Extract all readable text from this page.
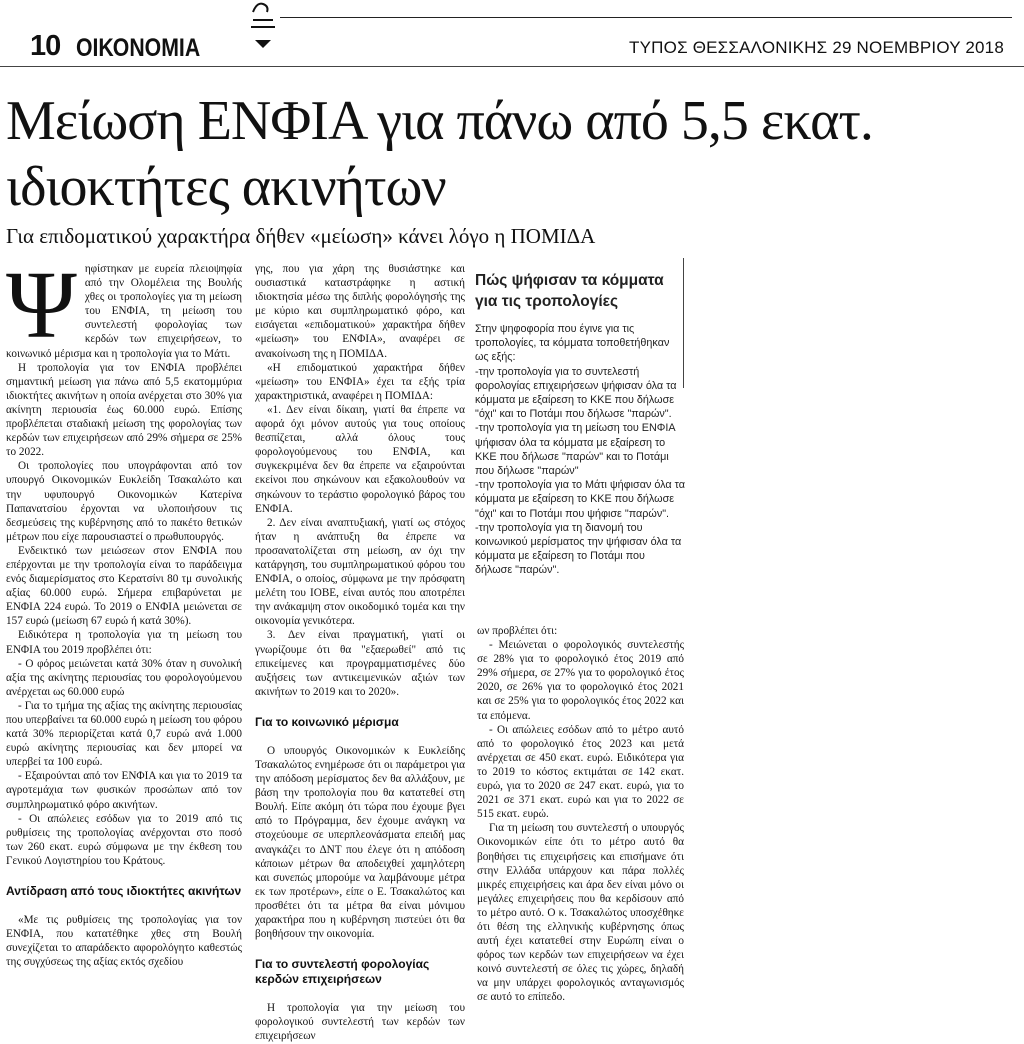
10 ΟΙΚΟΝΟΜΙΑ	ΤΥΠΟΣ ΘΕΣΣΑΛΟΝΙΚΗΣ 29 ΝΟΕΜΒΡΙΟΥ 2018
Μείωση ΕΝΦΙΑ για πάνω από 5,5 εκατ.
ιδιοκτήτες ακινήτων
Για επιδοματικού χαρακτήρα δήθεν «μείωση» κάνει λόγο η ΠΟΜΙΔΑ

Ψηφίστηκαν με ευρεία πλειοψηφία από την Ολομέλεια της Βουλής χθες οι τροπολογίες για τη μείωση του ΕΝΦΙΑ, τη μείωση του συντελεστή φορολογίας των κερδών των επιχειρήσεων, το κοινωνικό μέρισμα και η τροπολογία για το Μάτι.

Η τροπολογία για τον ΕΝΦΙΑ προβλέπει σημαντική μείωση για πάνω από 5,5 εκατομμύρια ιδιοκτήτες ακινήτων η οποία ανέρχεται στο 30% για ακίνητη περιουσία έως 60.000 ευρώ. Επίσης προβλέπεται σταδιακή μείωση της φορολογίας των κερδών των επιχειρήσεων από 29% σήμερα σε 25% το 2022.

Οι τροπολογίες που υπογράφονται από τον υπουργό Οικονομικών Ευκλείδη Τσακαλώτο και την υφυπουργό Οικονομικών Κατερίνα Παπανατσίου έρχονται να υλοποιήσουν τις δεσμεύσεις της κυβέρνησης από το πακέτο θετικών μέτρων που είχε παρουσιαστεί ο πρωθυπουργός.

Ενδεικτικό των μειώσεων στον ΕΝΦΙΑ που επέρχονται με την τροπολογία είναι το παράδειγμα ενός διαμερίσματος στο Κερατσίνι 80 τμ συνολικής αξίας 60.000 ευρώ. Σήμερα επιβαρύνεται με ΕΝΦΙΑ 224 ευρώ. Το 2019 ο ΕΝΦΙΑ μειώνεται σε 157 ευρώ (μείωση 67 ευρώ ή κατά 30%).

Ειδικότερα η τροπολογία για τη μείωση του ΕΝΦΙΑ του 2019 προβλέπει ότι:

- Ο φόρος μειώνεται κατά 30% όταν η συνολική αξία της ακίνητης περιουσίας του φορολογούμενου ανέρχεται ως 60.000 ευρώ

- Για το τμήμα της αξίας της ακίνητης περιουσίας που υπερβαίνει τα 60.000 ευρώ η μείωση του φόρου κατά 30% περιορίζεται κατά 0,7 ευρώ ανά 1.000 ευρώ ακίνητης περιουσίας και δεν μπορεί να υπερβεί τα 100 ευρώ.

- Εξαιρούνται από τον ΕΝΦΙΑ και για το 2019 τα αγροτεμάχια των φυσικών προσώπων από τον συμπληρωματικό φόρο ακινήτων.

- Οι απώλειες εσόδων για το 2019 από τις ρυθμίσεις της τροπολογίας ανέρχονται στο ποσό των 260 εκατ. ευρώ σύμφωνα με την έκθεση του Γενικού Λογιστηρίου του Κράτους.

Αντίδραση από τους ιδιοκτήτες ακινήτων

«Με τις ρυθμίσεις της τροπολογίας για τον ΕΝΦΙΑ, που κατατέθηκε χθες στη Βουλή συνεχίζεται το απαράδεκτο αφορολόγητο καθεστώς της συγχύσεως της αξίας εκτός σχεδίου

γης, που για χάρη της θυσιάστηκε και ουσιαστικά καταστράφηκε η αστική ιδιοκτησία μέσω της διπλής φορολόγησής της με κύριο και συμπληρωματικό φόρο, και εισάγεται «επιδοματικού» χαρακτήρα δήθεν «μείωση» του ΕΝΦΙΑ», αναφέρει σε ανακοίνωση της η ΠΟΜΙΔΑ.

«Η επιδοματικού χαρακτήρα δήθεν «μείωση» του ΕΝΦΙΑ» έχει τα εξής τρία χαρακτηριστικά, αναφέρει η ΠΟΜΙΔΑ:

«1. Δεν είναι δίκαιη, γιατί θα έπρεπε να αφορά όχι μόνον αυτούς για τους οποίους θεσπίζεται, αλλά όλους τους φορολογούμενους του ΕΝΦΙΑ, και συγκεκριμένα δεν θα έπρεπε να εξαιρούνται εκείνοι που σηκώνουν και εξακολουθούν να σηκώνουν το τεράστιο φορολογικό βάρος του ΕΝΦΙΑ.

2. Δεν είναι αναπτυξιακή, γιατί ως στόχος ήταν η ανάπτυξη θα έπρεπε να προσανατολίζεται στη μείωση, αν όχι την κατάργηση, του συμπληρωματικού φόρου του ΕΝΦΙΑ, ο οποίος, σύμφωνα με την πρόσφατη μελέτη του ΙΟΒΕ, είναι αυτός που αποτρέπει την ανάκαμψη στον οικοδομικό τομέα και την οικονομία γενικότερα.

3. Δεν είναι πραγματική, γιατί οι γνωρίζουμε ότι θα "εξαερωθεί" από τις επικείμενες και προγραμματισμένες δύο αυξήσεις των αντικειμενικών αξιών των ακινήτων το 2019 και το 2020».

Για το κοινωνικό μέρισμα

Ο υπουργός Οικονομικών κ Ευκλείδης Τσακαλώτος ενημέρωσε ότι οι παράμετροι για την απόδοση μερίσματος δεν θα αλλάξουν, με βάση την τροπολογία που θα κατατεθεί στη Βουλή. Είπε ακόμη ότι τώρα που έχουμε βγει από το Πρόγραμμα, δεν έχουμε ανάγκη να στοχεύουμε σε υπερπλεονάσματα επειδή μας αναγκάζει το ΔΝΤ που έλεγε ότι η απόδοση κάποιων μέτρων θα αποδειχθεί χαμηλότερη και συνεπώς μπορούμε να λαμβάνουμε μέτρα εκ των προτέρων», είπε ο Ε. Τσακαλώτος και προσθέτει ότι τα μέτρα θα είναι μόνιμου χαρακτήρα που η κυβέρνηση πιστεύει ότι θα βοηθήσουν την οικονομία.

Για το συντελεστή φορολογίας κερδών επιχειρήσεων

Η τροπολογία για την μείωση του φορολογικού συντελεστή των κερδών των επιχειρήσεων

Πώς ψήφισαν τα κόμματα για τις τροπολογίες

Στην ψηφοφορία που έγινε για τις τροπολογίες, τα κόμματα τοποθετήθηκαν ως εξής:

-την τροπολογία για το συντελεστή φορολογίας επιχειρήσεων ψήφισαν όλα τα κόμματα με εξαίρεση το ΚΚΕ που δήλωσε "όχι" και το Ποτάμι που δήλωσε "παρών".

-την τροπολογία για τη μείωση του ΕΝΦΙΑ ψήφισαν όλα τα κόμματα με εξαίρεση το ΚΚΕ που δήλωσε "παρών" και το Ποτάμι που δήλωσε "παρών"

-την τροπολογία για το Μάτι ψήφισαν όλα τα κόμματα με εξαίρεση το ΚΚΕ που δήλωσε "όχι" και το Ποτάμι που ψήφισε "παρών".

-την τροπολογία για τη διανομή του κοινωνικού μερίσματος την ψήφισαν όλα τα κόμματα με εξαίρεση το Ποτάμι που δήλωσε "παρών".

ων προβλέπει ότι:

- Μειώνεται ο φορολογικός συντελεστής σε 28% για το φορολογικό έτος 2019 από 29% σήμερα, σε 27% για το φορολογικό έτος 2020, σε 26% για το φορολογικό έτος 2021 και σε 25% για το φορολογικός έτος 2022 και τα επόμενα.

- Οι απώλειες εσόδων από το μέτρο αυτό από το φορολογικό έτος 2023 και μετά ανέρχεται σε 450 εκατ. ευρώ. Ειδικότερα για το 2019 το κόστος εκτιμάται σε 142 εκατ. ευρώ, για το 2020 σε 247 εκατ. ευρώ, για το 2021 σε 371 εκατ. ευρώ και για το 2022 σε 515 εκατ. ευρώ.

Για τη μείωση του συντελεστή ο υπουργός Οικονομικών είπε ότι το μέτρο αυτό θα βοηθήσει τις επιχειρήσεις και επισήμανε ότι στην Ελλάδα υπάρχουν και πάρα πολλές μικρές επιχειρήσεις και άρα δεν είναι μόνο οι μεγάλες επιχειρήσεις που θα κερδίσουν από το μέτρο αυτό. Ο κ. Τσακαλώτος υποσχέθηκε ότι θέση της ελληνικής κυβέρνησης όπως αυτή έχει κατατεθεί στην Ευρώπη είναι ο φόρος των κερδών των επιχειρήσεων να έχει κοινό συντελεστή σε όλες τις χώρες, δηλαδή να μην υπάρχει φορολογικός ανταγωνισμός σε αυτό το επίπεδο.
